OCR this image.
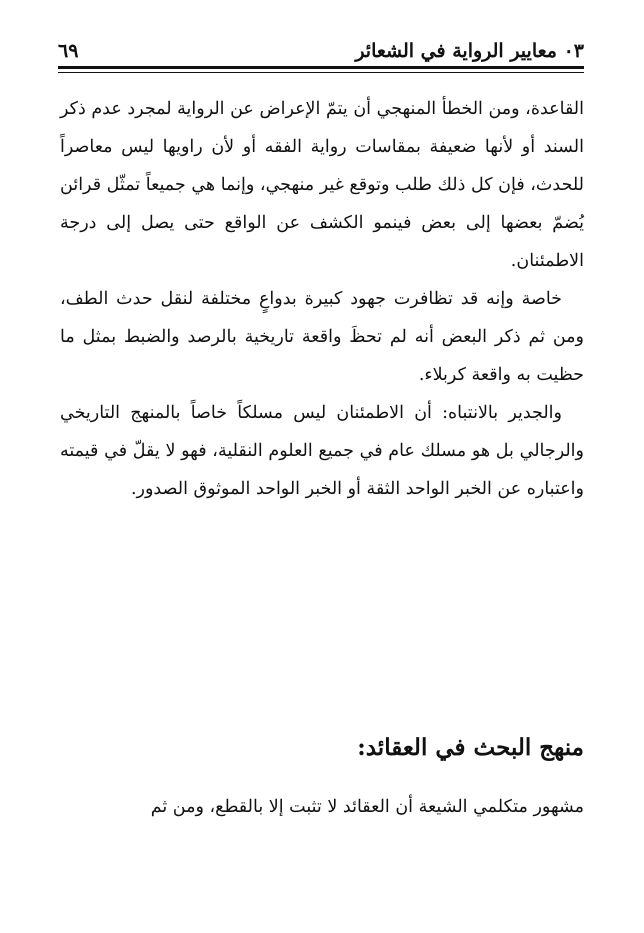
٠٣ معايير الرواية في الشعائر
٦٩

القاعدة، ومن الخطأ المنهجي أن يتمّ الإعراض عن الرواية لمجرد عدم ذكر السند أو لأنها ضعيفة بمقاسات رواية الفقه أو لأن راويها ليس معاصراً للحدث، فإن كل ذلك طلب وتوقع غير منهجي، وإنما هي جميعاً تمثّل قرائن يُضمّ بعضها إلى بعض فينمو الكشف عن الواقع حتى يصل إلى درجة الاطمئنان.

خاصة وإنه قد تظافرت جهود كبيرة بدواعٍ مختلفة لنقل حدث الطف، ومن ثم ذكر البعض أنه لم تحظَ واقعة تاريخية بالرصد والضبط بمثل ما حظيت به واقعة كربلاء.

والجدير بالانتباه: أن الاطمئنان ليس مسلكاً خاصاً بالمنهج التاريخي والرجالي بل هو مسلك عام في جميع العلوم النقلية، فهو لا يقلّ في قيمته واعتباره عن الخبر الواحد الثقة أو الخبر الواحد الموثوق الصدور.

منهج البحث في العقائد:
مشهور متكلمي الشيعة أن العقائد لا تثبت إلا بالقطع، ومن ثم
